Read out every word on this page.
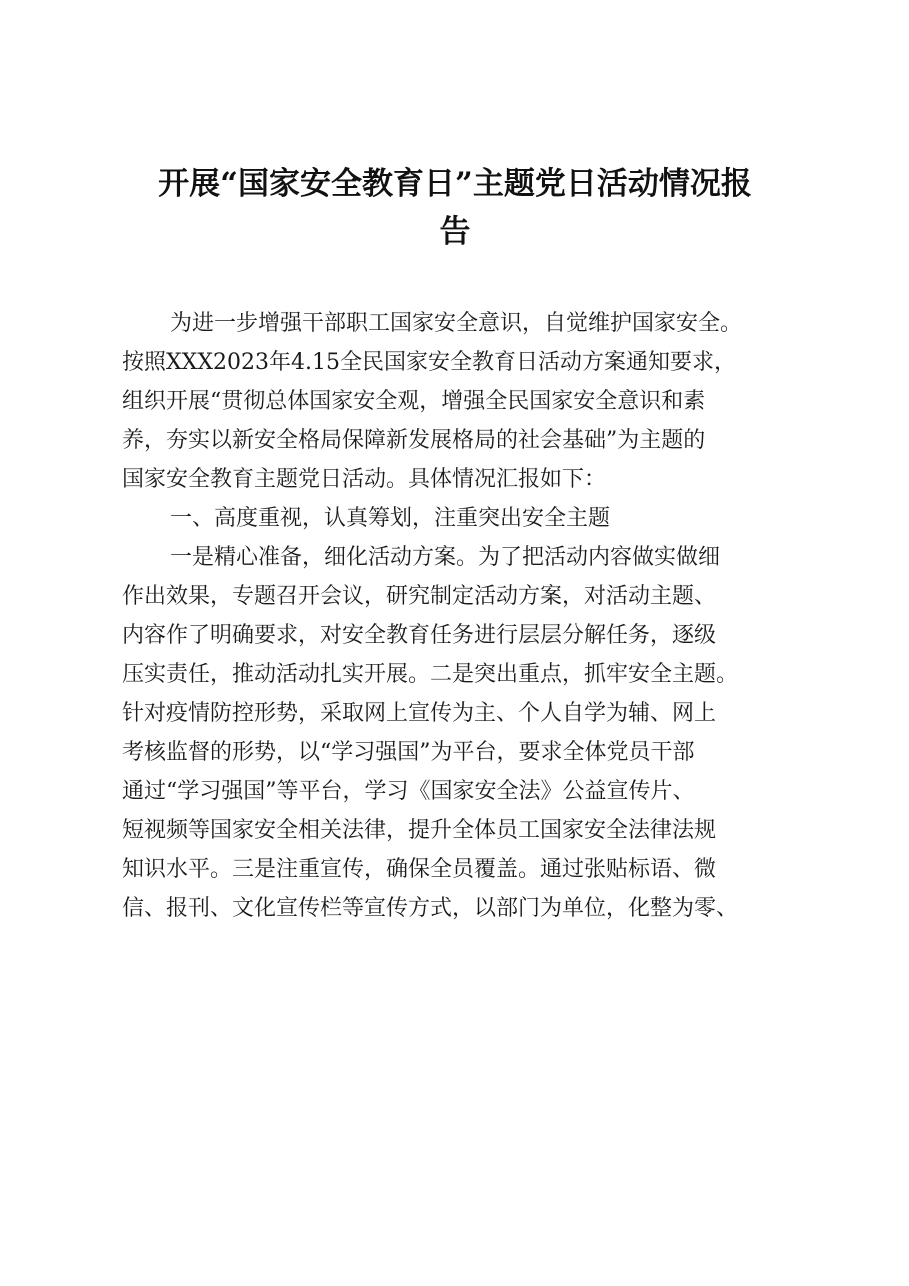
开展“国家安全教育日”主题党日活动情况报
告
为进一步增强干部职工国家安全意识，自觉维护国家安全。
按照XXX2023年4.15全民国家安全教育日活动方案通知要求，
组织开展“贯彻总体国家安全观，增强全民国家安全意识和素
养，夯实以新安全格局保障新发展格局的社会基础”为主题的
国家安全教育主题党日活动。具体情况汇报如下：
一、高度重视，认真筹划，注重突出安全主题
一是精心准备，细化活动方案。为了把活动内容做实做细
作出效果，专题召开会议，研究制定活动方案，对活动主题、
内容作了明确要求，对安全教育任务进行层层分解任务，逐级
压实责任，推动活动扎实开展。二是突出重点，抓牢安全主题。
针对疫情防控形势，采取网上宣传为主、个人自学为辅、网上
考核监督的形势，以“学习强国”为平台，要求全体党员干部
通过“学习强国”等平台，学习《国家安全法》公益宣传片、
短视频等国家安全相关法律，提升全体员工国家安全法律法规
知识水平。三是注重宣传，确保全员覆盖。通过张贴标语、微
信、报刊、文化宣传栏等宣传方式，以部门为单位，化整为零、
